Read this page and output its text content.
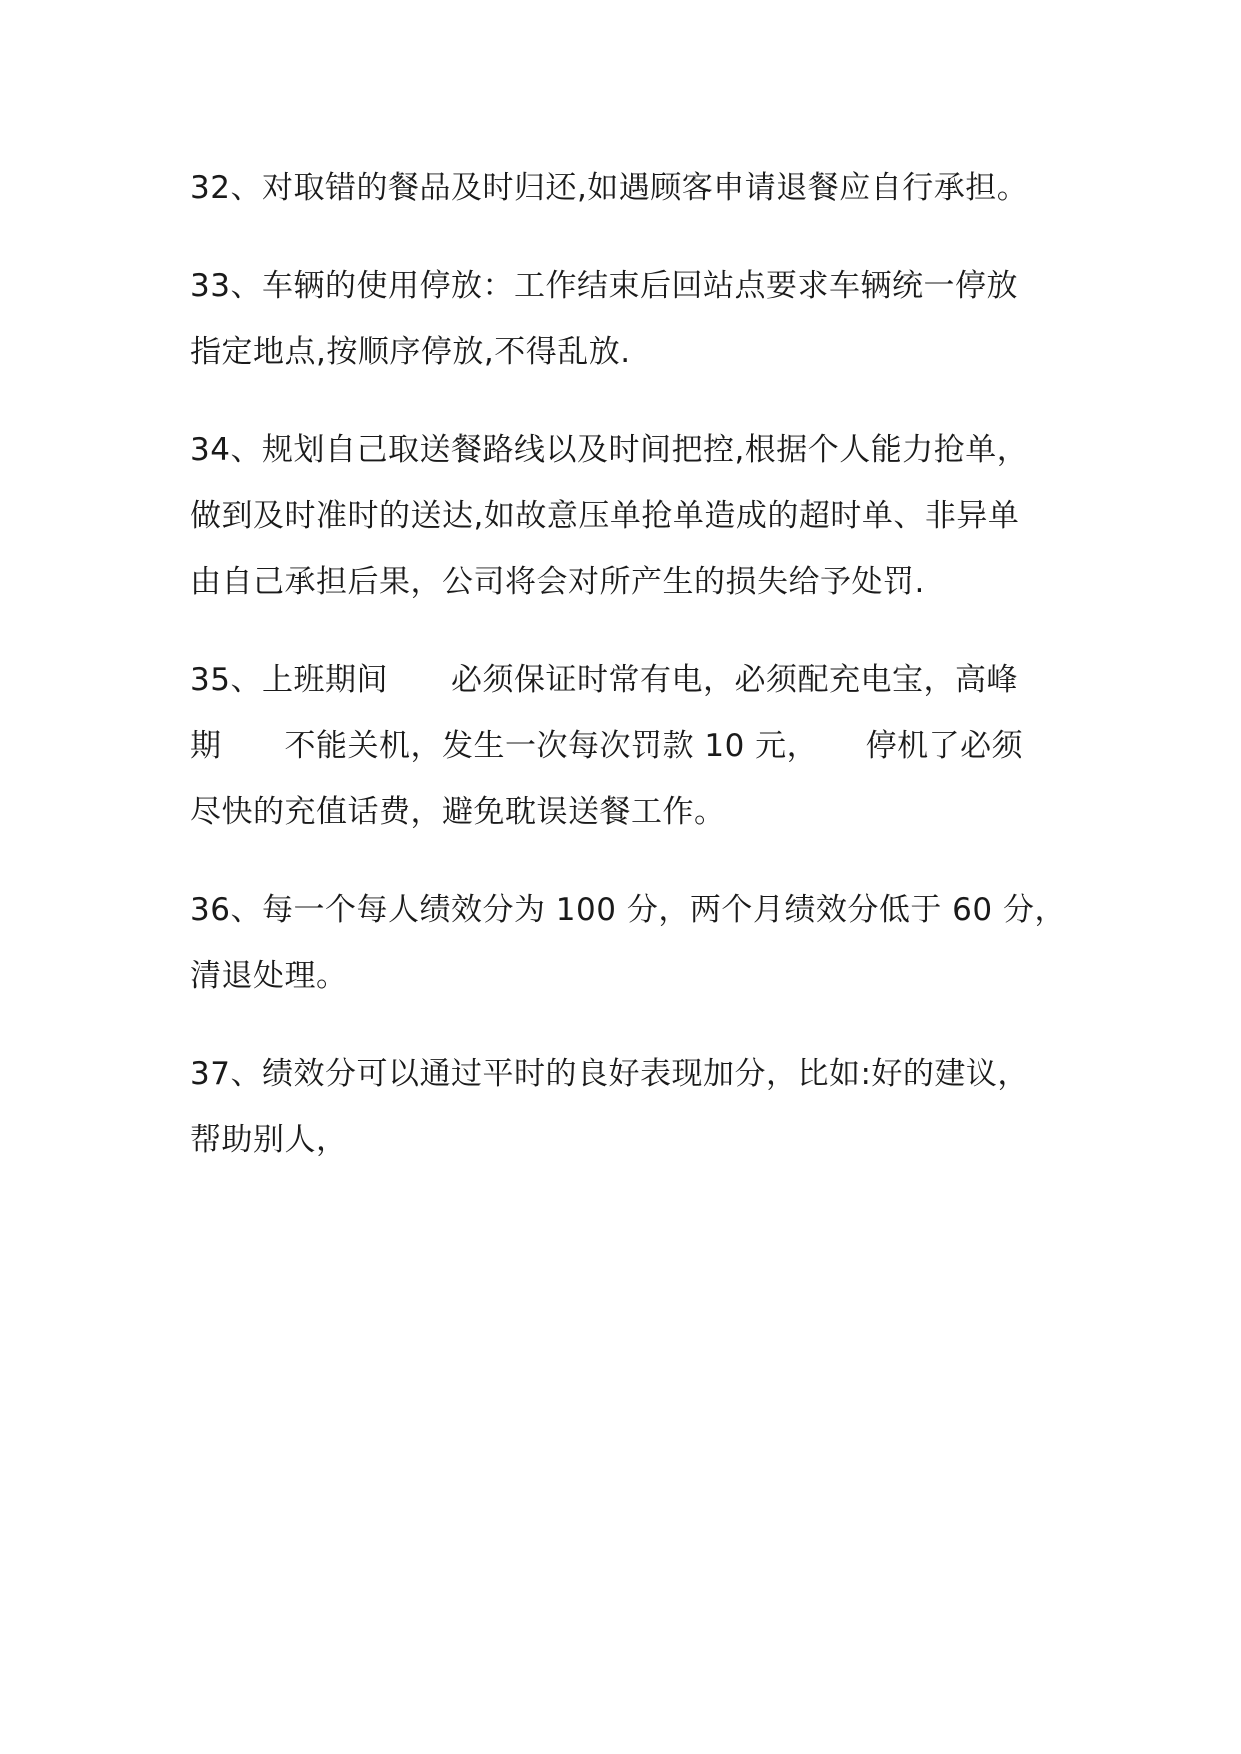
32、对取错的餐品及时归还,如遇顾客申请退餐应自行承担。

33、车辆的使用停放：工作结束后回站点要求车辆统一停放
指定地点,按顺序停放,不得乱放.

34、规划自己取送餐路线以及时间把控,根据个人能力抢单，
做到及时准时的送达,如故意压单抢单造成的超时单、非异单
由自己承担后果，公司将会对所产生的损失给予处罚.

35、上班期间　　必须保证时常有电，必须配充电宝，高峰
期　　不能关机，发生一次每次罚款 10 元，　　停机了必须
尽快的充值话费，避免耽误送餐工作。

36、每一个每人绩效分为 100 分，两个月绩效分低于 60 分，
清退处理。

37、绩效分可以通过平时的良好表现加分，比如:好的建议，
帮助别人，
